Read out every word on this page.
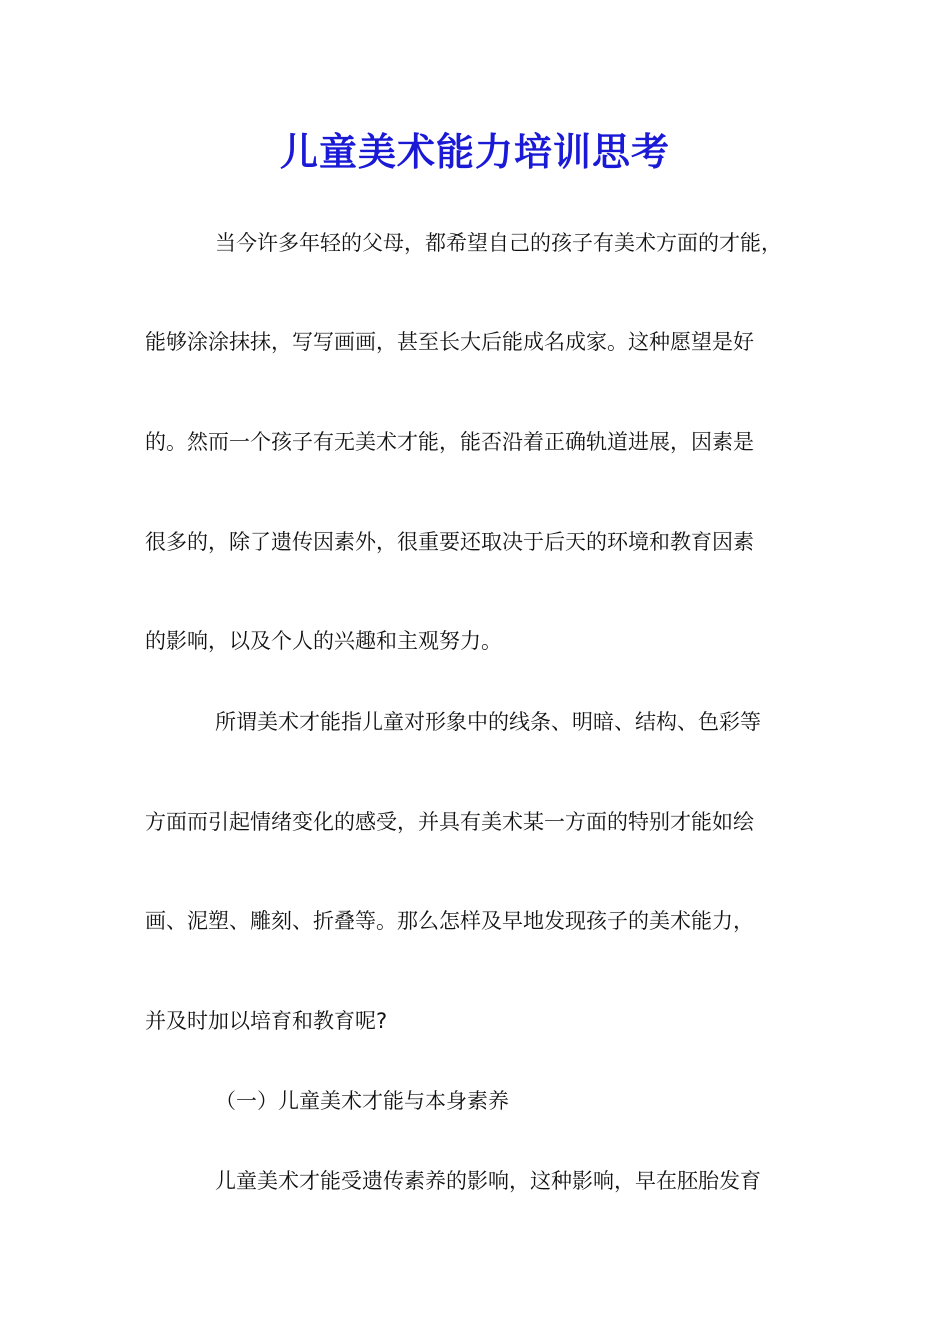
儿童美术能力培训思考

当今许多年轻的父母，都希望自己的孩子有美术方面的才能，

能够涂涂抹抹，写写画画，甚至长大后能成名成家。这种愿望是好

的。然而一个孩子有无美术才能，能否沿着正确轨道进展，因素是

很多的，除了遗传因素外，很重要还取决于后天的环境和教育因素

的影响，以及个人的兴趣和主观努力。

所谓美术才能指儿童对形象中的线条、明暗、结构、色彩等

方面而引起情绪变化的感受，并具有美术某一方面的特别才能如绘

画、泥塑、雕刻、折叠等。那么怎样及早地发现孩子的美术能力，

并及时加以培育和教育呢?

（一）儿童美术才能与本身素养

儿童美术才能受遗传素养的影响，这种影响，早在胚胎发育
